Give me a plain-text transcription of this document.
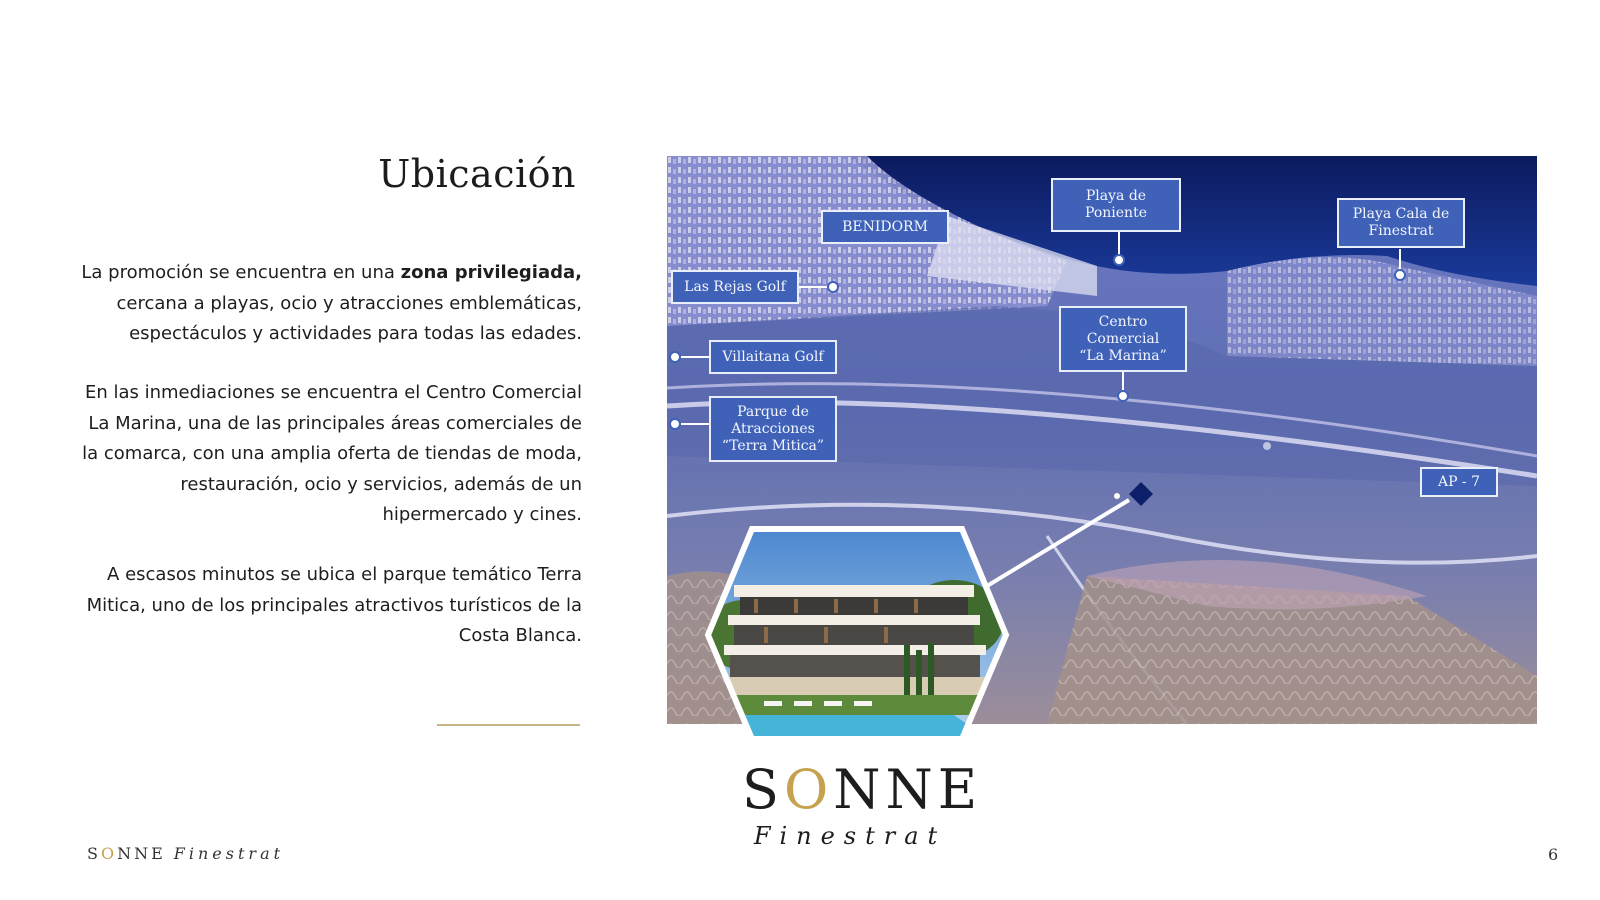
Ubicación

La promoción se encuentra en una zona privilegiada, cercana a playas, ocio y atracciones emblemáticas, espectáculos y actividades para todas las edades.

En las inmediaciones se encuentra el Centro Comercial La Marina, una de las principales áreas comerciales de la comarca, con una amplia oferta de tiendas de moda, restauración, ocio y servicios, además de un hipermercado y cines.

A escasos minutos se ubica el parque temático Terra Mitica, uno de los principales atractivos turísticos de la Costa Blanca.

BENIDORM
Playa de
Poniente	Playa Cala de
Finestrat
Las Rejas Golf
Villaitana Golf
Centro
Comercial
“La Marina”
Parque de
Atracciones
“Terra Mitica”
AP - 7
SONNE
Finestrat
SONNE Finestrat	6
